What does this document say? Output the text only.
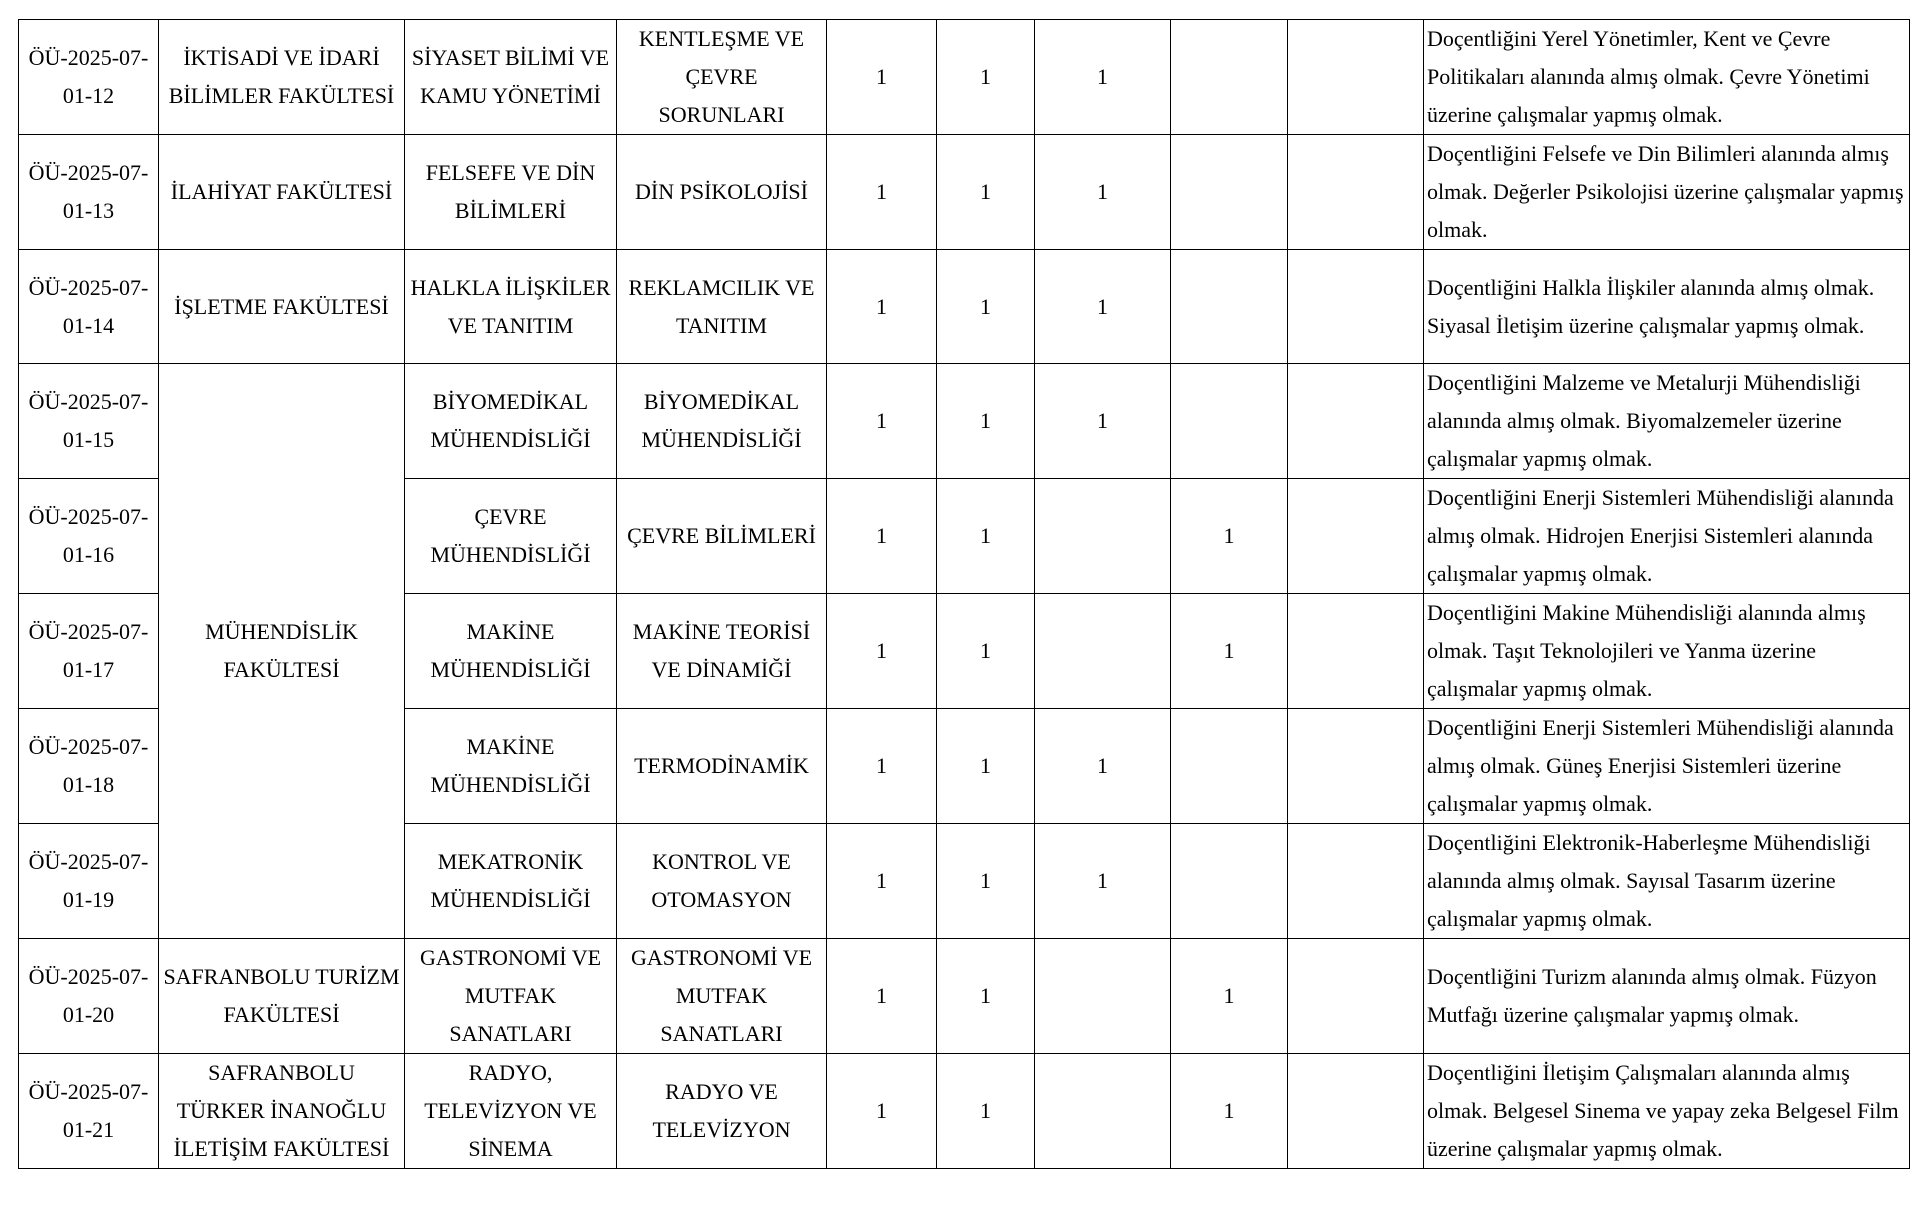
ÖÜ-2025-07-01-12	İKTİSADİ VE İDARİ BİLİMLER FAKÜLTESİ	SİYASET BİLİMİ VE KAMU YÖNETİMİ	KENTLEŞME VE ÇEVRE SORUNLARI	1	1	1			Doçentliğini Yerel Yönetimler, Kent ve Çevre Politikaları alanında almış olmak. Çevre Yönetimi üzerine çalışmalar yapmış olmak.
ÖÜ-2025-07-01-13	İLAHİYAT FAKÜLTESİ	FELSEFE VE DİN BİLİMLERİ	DİN PSİKOLOJİSİ	1	1	1			Doçentliğini Felsefe ve Din Bilimleri alanında almış olmak. Değerler Psikolojisi üzerine çalışmalar yapmış olmak.
ÖÜ-2025-07-01-14	İŞLETME FAKÜLTESİ	HALKLA İLİŞKİLER VE TANITIM	REKLAMCILIK VE TANITIM	1	1	1			Doçentliğini Halkla İlişkiler alanında almış olmak. Siyasal İletişim üzerine çalışmalar yapmış olmak.
ÖÜ-2025-07-01-15	MÜHENDİSLİK FAKÜLTESİ	BİYOMEDİKAL MÜHENDİSLİĞİ	BİYOMEDİKAL MÜHENDİSLİĞİ	1	1	1			Doçentliğini Malzeme ve Metalurji Mühendisliği alanında almış olmak. Biyomalzemeler üzerine çalışmalar yapmış olmak.
ÖÜ-2025-07-01-16		ÇEVRE MÜHENDİSLİĞİ	ÇEVRE BİLİMLERİ	1	1		1		Doçentliğini Enerji Sistemleri Mühendisliği alanında almış olmak. Hidrojen Enerjisi Sistemleri alanında çalışmalar yapmış olmak.
ÖÜ-2025-07-01-17		MAKİNE MÜHENDİSLİĞİ	MAKİNE TEORİSİ VE DİNAMİĞİ	1	1		1		Doçentliğini Makine Mühendisliği alanında almış olmak. Taşıt Teknolojileri ve Yanma üzerine çalışmalar yapmış olmak.
ÖÜ-2025-07-01-18		MAKİNE MÜHENDİSLİĞİ	TERMODİNAMİK	1	1	1			Doçentliğini Enerji Sistemleri Mühendisliği alanında almış olmak. Güneş Enerjisi Sistemleri üzerine çalışmalar yapmış olmak.
ÖÜ-2025-07-01-19		MEKATRONİK MÜHENDİSLİĞİ	KONTROL VE OTOMASYON	1	1	1			Doçentliğini Elektronik-Haberleşme Mühendisliği alanında almış olmak. Sayısal Tasarım üzerine çalışmalar yapmış olmak.
ÖÜ-2025-07-01-20	SAFRANBOLU TURİZM FAKÜLTESİ	GASTRONOMİ VE MUTFAK SANATLARI	GASTRONOMİ VE MUTFAK SANATLARI	1	1		1		Doçentliğini Turizm alanında almış olmak. Füzyon Mutfağı üzerine çalışmalar yapmış olmak.
ÖÜ-2025-07-01-21	SAFRANBOLU TÜRKER İNANOĞLU İLETİŞİM FAKÜLTESİ	RADYO, TELEVİZYON VE SİNEMA	RADYO VE TELEVİZYON	1	1		1		Doçentliğini İletişim Çalışmaları alanında almış olmak. Belgesel Sinema ve yapay zeka Belgesel Film üzerine çalışmalar yapmış olmak.
